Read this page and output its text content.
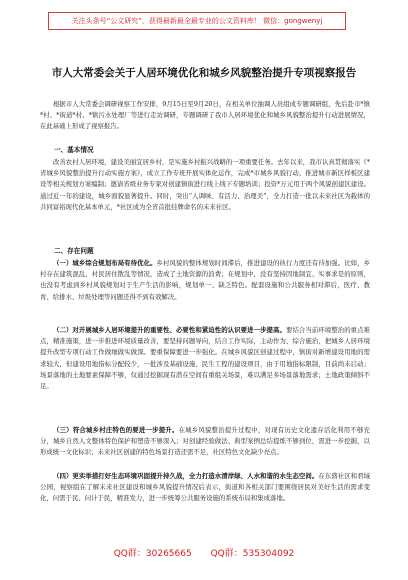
关注头条号“公文研究”，获得最新最全最专业的公文资料库！ 微信：gongwenyj
市人大常委会关于人居环境优化和城乡风貌整治提升专项视察报告
根据市人大常委会调研视察工作安排，9月15日至9月20日，在相关单位抽调人员组成专题调研组，先后赴市*镇*村、*街道*村、*镇污水处理厂等进行走访调研，专题调研了我市人居环境优化和城乡风貌整治提升行动进展情况，在此基础上形成了视察报告。
一、基本情况
改善农村人居环境，建设美丽宜居乡村，是实施乡村振兴战略的一项重要任务。去年以来，我市认真贯彻落实《*省城乡风貌整治提升行动实施方案》，成立工作专班开展实体化运作，完成*市城乡风貌行动、推进城市新区样板区建设等相关规划方案编制；邀请省级业务专家对创建镇街进行线上线下专题培训；投资*万元用于两个风貌创建区建设。通过近一年的建设，城乡面貌显著提升。同时，突出“人调味、有活力、治理美”，全力打造一批以未来社区为载体的共同富裕现代化基本单元，*社区成为全省首批挂牌命名的未来社区。
二、存在问题
（一）城乡综合规划布局有待优化。乡村风貌的整体规划时间滞后，推进建设的执行力度还有待加强。比如，乡村存在建筑混乱，村民居住散乱等情况，造成了土地资源的浪费；在规划中，没有坚持因地制宜、实事求是的原则，也没有考虑到乡村风貌规划对于生产生活的影响，规划单一、缺乏特色。配套设施和公共服务相对滞后，医疗、教育、给排水、垃圾处理等问题还得不到有效解决。
（二）对开展城乡人居环境提升的重要性、必要性和紧迫性的认识要进一步提高。要结合当前环境整治的重点难点，精准施策，进一步推进环境质量改善，要坚持问题导向，结合工作实际，主动作为、综合施治，把城乡人居环境提升改型专项行动工作做细做实做深。要重保障要进一步强化。在城乡风貌区创建过程中，镇街对新增建设用地的需求较大，但建设用地指标分配较少，一批涉及基础设施、民生工程的建设项目，由于用地指标限制，目前尚未启动；场景落地的土地要素保障不够，仅通过挖掘现有潜在空间有重组关场景，难以满足多场景落地需求；土地政策倾斜不足。
（三）符合城乡村庄特色的要进一步提升。在城乡风貌整治提升过程中，对现有历史文化遗存活化利用不够充分，城乡自然人文整体特色保护和塑造不够深入；对创建经验做法、典型案例总结提炼不够到位，需进一步挖掘，以形成统一文化标识；未来社区创建的特色场景打造还需不足，社区特色文化缺少亮点。
（四）更实举措打好生态环境巩固提升持久战，全力打造水清岸绿、人水和谐的水生态空间。在东盛社区和君域公园，视察组在了解未来社区建设和城乡风貌提升情况后表示，街道和各相关部门要围绕居民对美好生活的需求变化，问需于民、问计于民，精准发力，进一步统筹公共服务设施的系统布局和集成落地。
QQ群：30265665 QQ群：535304092
